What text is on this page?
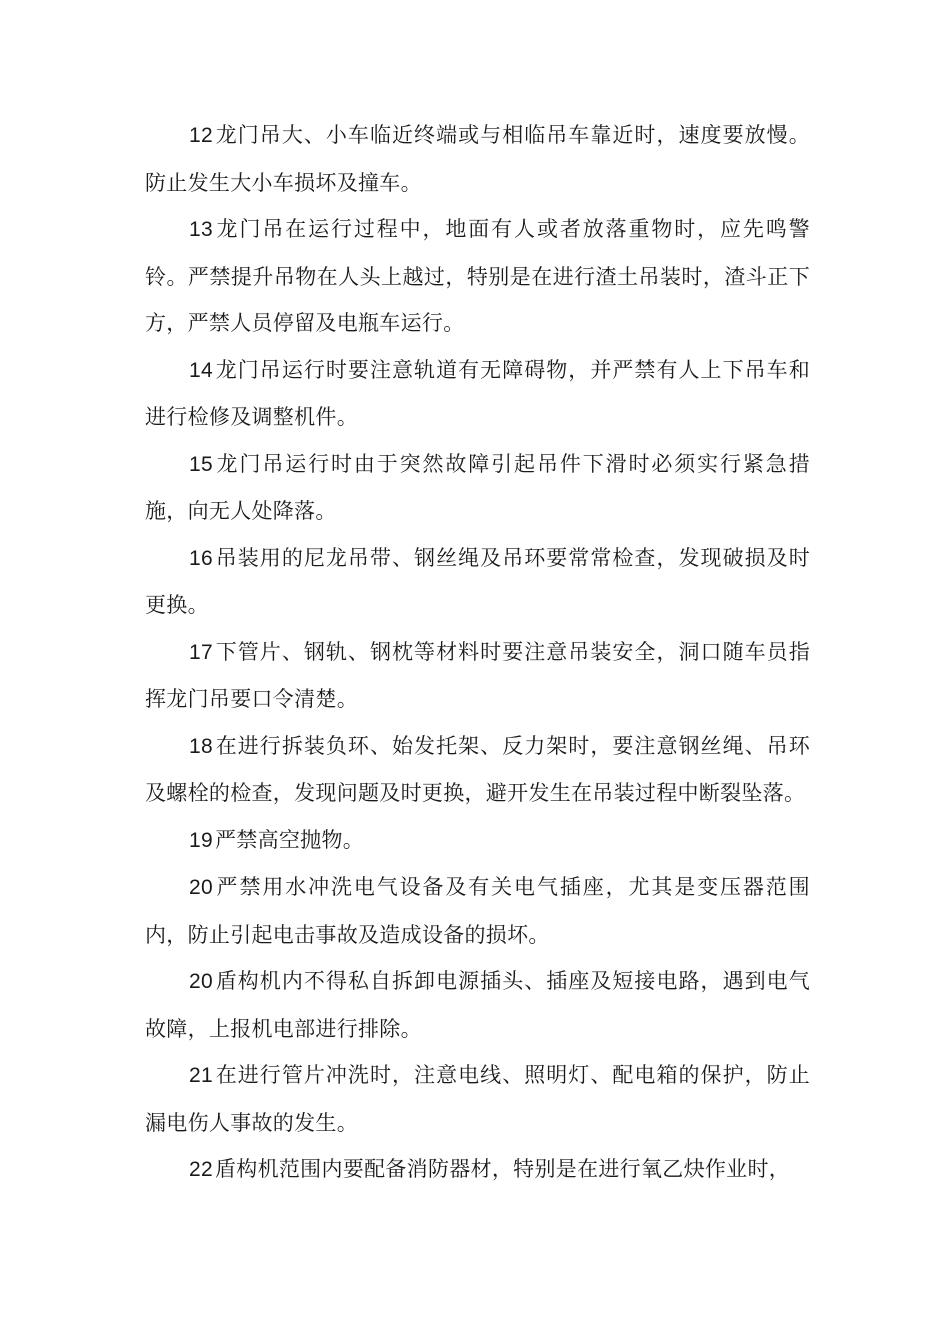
12龙门吊大、小车临近终端或与相临吊车靠近时，速度要放慢。防止发生大小车损坏及撞车。

13龙门吊在运行过程中，地面有人或者放落重物时，应先鸣警铃。严禁提升吊物在人头上越过，特别是在进行渣土吊装时，渣斗正下方，严禁人员停留及电瓶车运行。

14龙门吊运行时要注意轨道有无障碍物，并严禁有人上下吊车和进行检修及调整机件。

15龙门吊运行时由于突然故障引起吊件下滑时必须实行紧急措施，向无人处降落。

16吊装用的尼龙吊带、钢丝绳及吊环要常常检查，发现破损及时更换。

17下管片、钢轨、钢枕等材料时要注意吊装安全，洞口随车员指挥龙门吊要口令清楚。

18在进行拆装负环、始发托架、反力架时，要注意钢丝绳、吊环及螺栓的检查，发现问题及时更换，避开发生在吊装过程中断裂坠落。

19严禁高空抛物。

20严禁用水冲洗电气设备及有关电气插座，尤其是变压器范围内，防止引起电击事故及造成设备的损坏。

20盾构机内不得私自拆卸电源插头、插座及短接电路，遇到电气故障，上报机电部进行排除。

21在进行管片冲洗时，注意电线、照明灯、配电箱的保护，防止漏电伤人事故的发生。

22盾构机范围内要配备消防器材，特别是在进行氧乙炔作业时，
